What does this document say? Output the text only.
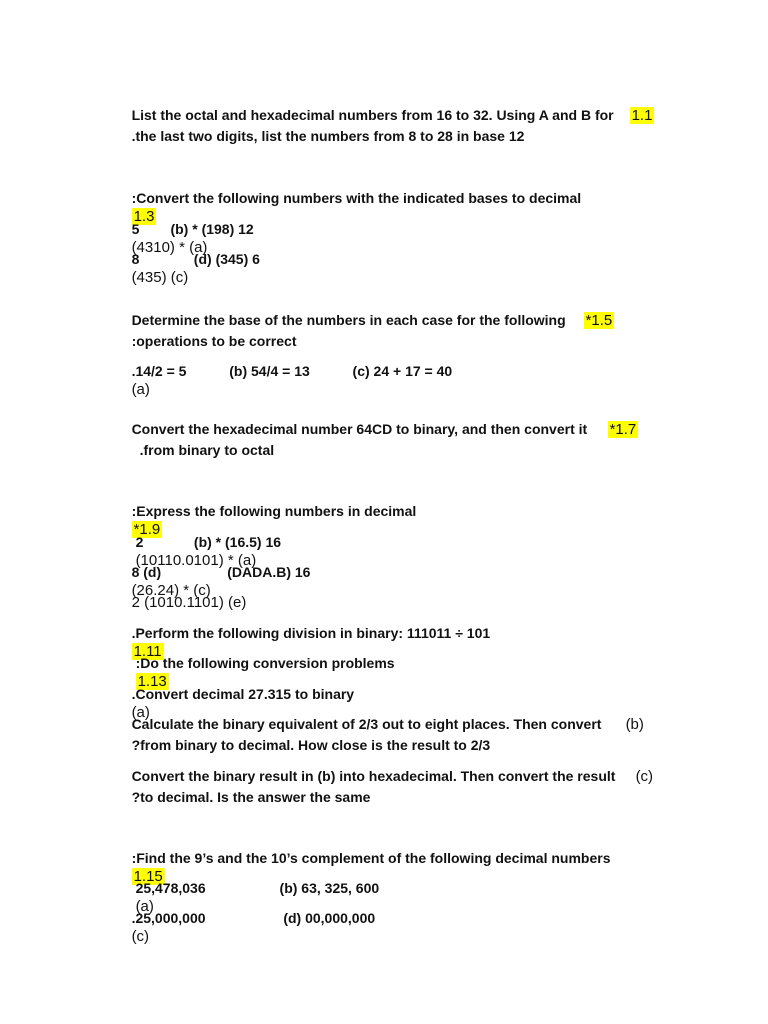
List the octal and hexadecimal numbers from 16 to 32. Using A and B for
	1.1

.the last two digits, list the numbers from 8 to 28 in base 12

:Convert the following numbers with the indicated bases to decimal
1.3

5        (b) * (198) 12
(4310) * (a)

8              (d) (345) 6
(435) (c)

Determine the base of the numbers in each case for the following
	*1.5

:operations to be correct

.14/2 = 5           (b) 54/4 = 13           (c) 24 + 17 = 40
(a)

Convert the hexadecimal number 64CD to binary, and then convert it
	*1.7

.from binary to octal

:Express the following numbers in decimal
*1.9

2             (b) * (16.5) 16
(10110.0101) * (a)

8 (d)                 (DADA.B) 16
(26.24) * (c)

2 (1010.1101) (e)

.Perform the following division in binary: 111011 ÷ 101
1.11

:Do the following conversion problems
1.13

.Convert decimal 27.315 to binary
(a)

Calculate the binary equivalent of 2/3 out to eight places. Then convert
	(b)

?from binary to decimal. How close is the result to 2/3

Convert the binary result in (b) into hexadecimal. Then convert the result
	(c)

?to decimal. Is the answer the same

:Find the 9’s and the 10’s complement of the following decimal numbers
1.15

25,478,036                   (b) 63, 325, 600
(a)

.25,000,000                    (d) 00,000,000
(c)
